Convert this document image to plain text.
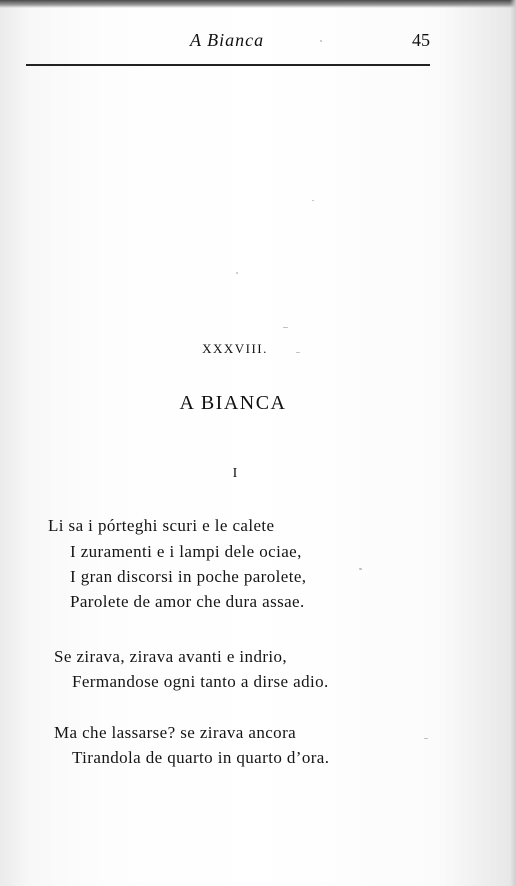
A Bianca	45
XXXVIII.
A BIANCA
I
Li sa i pórteghi scuri e le calete
I zuramenti e i lampi dele ociae,
I gran discorsi in poche parolete,
Parolete de amor che dura assae.
Se zirava, zirava avanti e indrio,
Fermandose ogni tanto a dirse adio.
Ma che lassarse? se zirava ancora
Tirandola de quarto in quarto d’ora.
